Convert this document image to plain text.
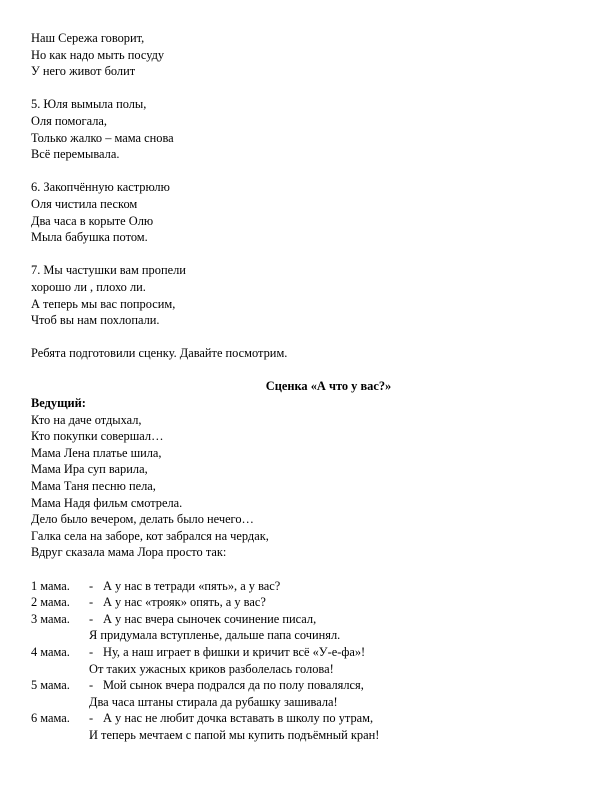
Наш Сережа говорит,
Но как надо мыть посуду
У него живот болит
5. Юля вымыла полы,
Оля помогала,
Только жалко – мама снова
Всё перемывала.
6. Закопчённую кастрюлю
Оля чистила песком
Два часа в корыте Олю
Мыла бабушка потом.
7. Мы частушки вам пропели
хорошо ли , плохо ли.
А теперь мы вас попросим,
Чтоб вы нам похлопали.
Ребята подготовили сценку. Давайте посмотрим.
Сценка «А что у вас?»
Ведущий:
Кто на даче отдыхал,
Кто покупки совершал…
Мама Лена платье шила,
Мама Ира суп варила,
Мама Таня песню пела,
Мама Надя фильм смотрела.
Дело было вечером, делать было нечего…
Галка села на заборе, кот забрался на чердак,
Вдруг сказала мама Лора просто так:
1 мама.	- А у нас в тетради «пять», а у вас?
2 мама.	- А у нас «трояк» опять, а у вас?
3 мама.	- А у нас вчера сыночек сочинение писал,
Я придумала вступленье, дальше папа сочинял.
4 мама.	- Ну, а наш играет в фишки и кричит всё «У-е-фа»!
От таких ужасных криков разболелась голова!
5 мама.	- Мой сынок вчера подрался да по полу повалялся,
Два часа штаны стирала да рубашку зашивала!
6 мама.	- А у нас не любит дочка вставать в школу по утрам,
И теперь мечтаем с папой мы купить подъёмный кран!
